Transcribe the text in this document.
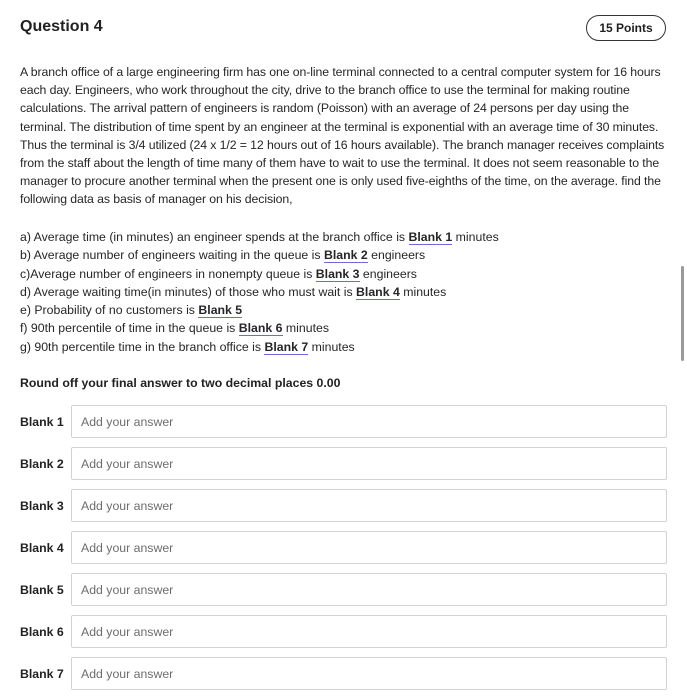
Question 4	15 Points
A branch office of a large engineering firm has one on-line terminal connected to a central computer system for 16 hours each day. Engineers, who work throughout the city, drive to the branch office to use the terminal for making routine calculations. The arrival pattern of engineers is random (Poisson) with an average of 24 persons per day using the terminal. The distribution of time spent by an engineer at the terminal is exponential with an average time of 30 minutes. Thus the terminal is 3/4 utilized (24 x 1/2 = 12 hours out of 16 hours available). The branch manager receives complaints from the staff about the length of time many of them have to wait to use the terminal. It does not seem reasonable to the manager to procure another terminal when the present one is only used five-eighths of the time, on the average. find the following data as basis of manager on his decision,
a) Average time (in minutes) an engineer spends at the branch office is Blank 1 minutes
b) Average number of engineers waiting in the queue is Blank 2 engineers
c)Average number of engineers in nonempty queue is Blank 3 engineers
d) Average waiting time(in minutes) of those who must wait is Blank 4 minutes
e) Probability of no customers is Blank 5
f) 90th percentile of time in the queue is Blank 6 minutes
g) 90th percentile time in the branch office is Blank 7 minutes
Round off your final answer to two decimal places 0.00
Blank 1
Add your answer
Blank 2
Add your answer
Blank 3
Add your answer
Blank 4
Add your answer
Blank 5
Add your answer
Blank 6
Add your answer
Blank 7
Add your answer
